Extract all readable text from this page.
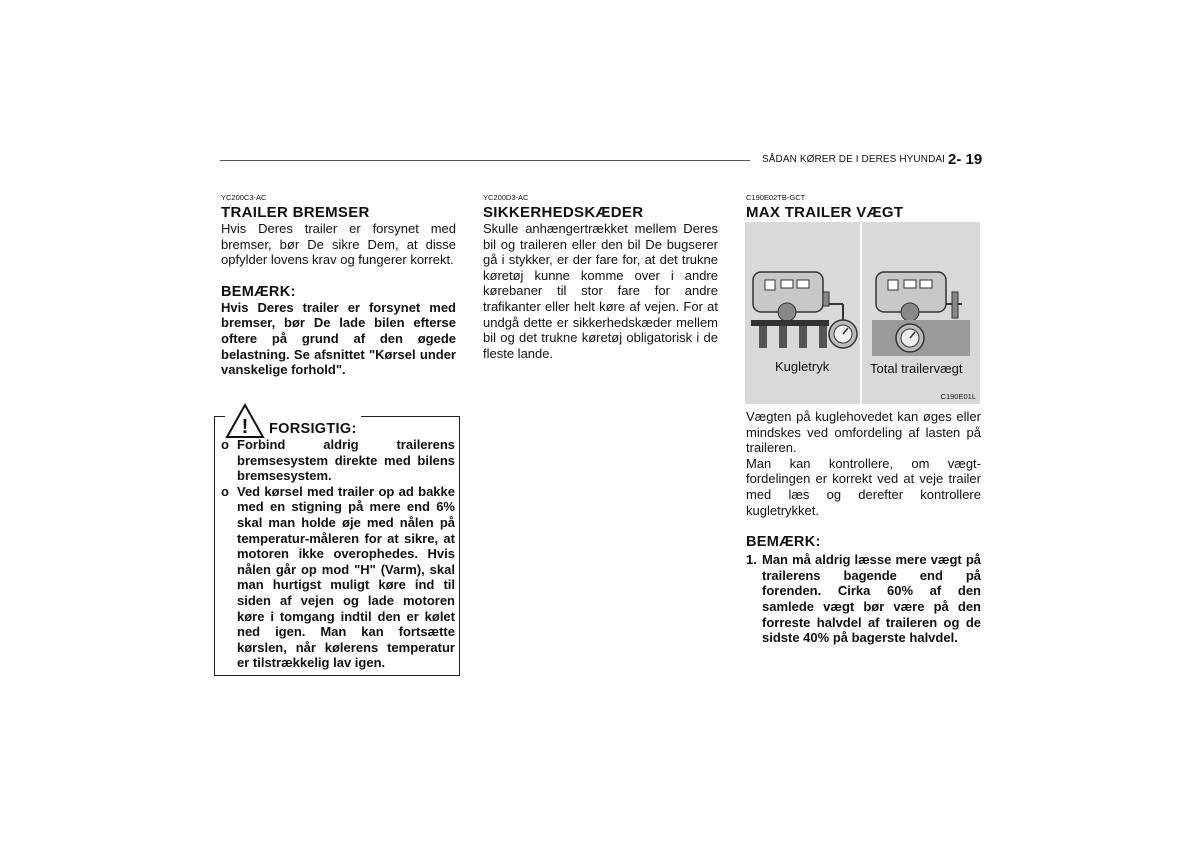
SÅDAN KØRER DE I DERES HYUNDAI 2- 19
YC200C3-AC
TRAILER BREMSER
Hvis Deres trailer er forsynet med bremser, bør De sikre Dem, at disse opfylder lovens krav og fungerer korrekt.
BEMÆRK:
Hvis Deres trailer er forsynet med bremser, bør De lade bilen efterse oftere på grund af den øgede belastning. Se afsnittet "Kørsel under vanskelige forhold".
! FORSIGTIG:
o Forbind aldrig trailerens bremsesystem direkte med bilens bremsesystem.
o Ved kørsel med trailer op ad bakke med en stigning på mere end 6% skal man holde øje med nålen på temperatur-måleren for at sikre, at motoren ikke overophedes. Hvis nålen går op mod "H" (Varm), skal man hurtigst muligt køre ind til siden af vejen og lade motoren køre i tomgang indtil den er kølet ned igen. Man kan fortsætte kørslen, når kølerens temperatur er tilstrækkelig lav igen.
YC200D3-AC
SIKKERHEDSKÆDER
Skulle anhængertrækket mellem Deres bil og traileren eller den bil De bugserer gå i stykker, er der fare for, at det trukne køretøj kunne komme over i andre kørebaner til stor fare for andre trafikanter eller helt køre af vejen. For at undgå dette er sikkerhedskæder mellem bil og det trukne køretøj obligatorisk i de fleste lande.
C190E02TB-GCT
MAX TRAILER VÆGT
Kugletryk	Total trailervægt
C190E01L
Vægten på kuglehovedet kan øges eller mindskes ved omfordeling af lasten på traileren.
Man kan kontrollere, om vægt-fordelingen er korrekt ved at veje trailer med læs og derefter kontrollere kugletrykket.
BEMÆRK:
1. Man må aldrig læsse mere vægt på trailerens bagende end på forenden. Cirka 60% af den samlede vægt bør være på den forreste halvdel af traileren og de sidste 40% på bagerste halvdel.
